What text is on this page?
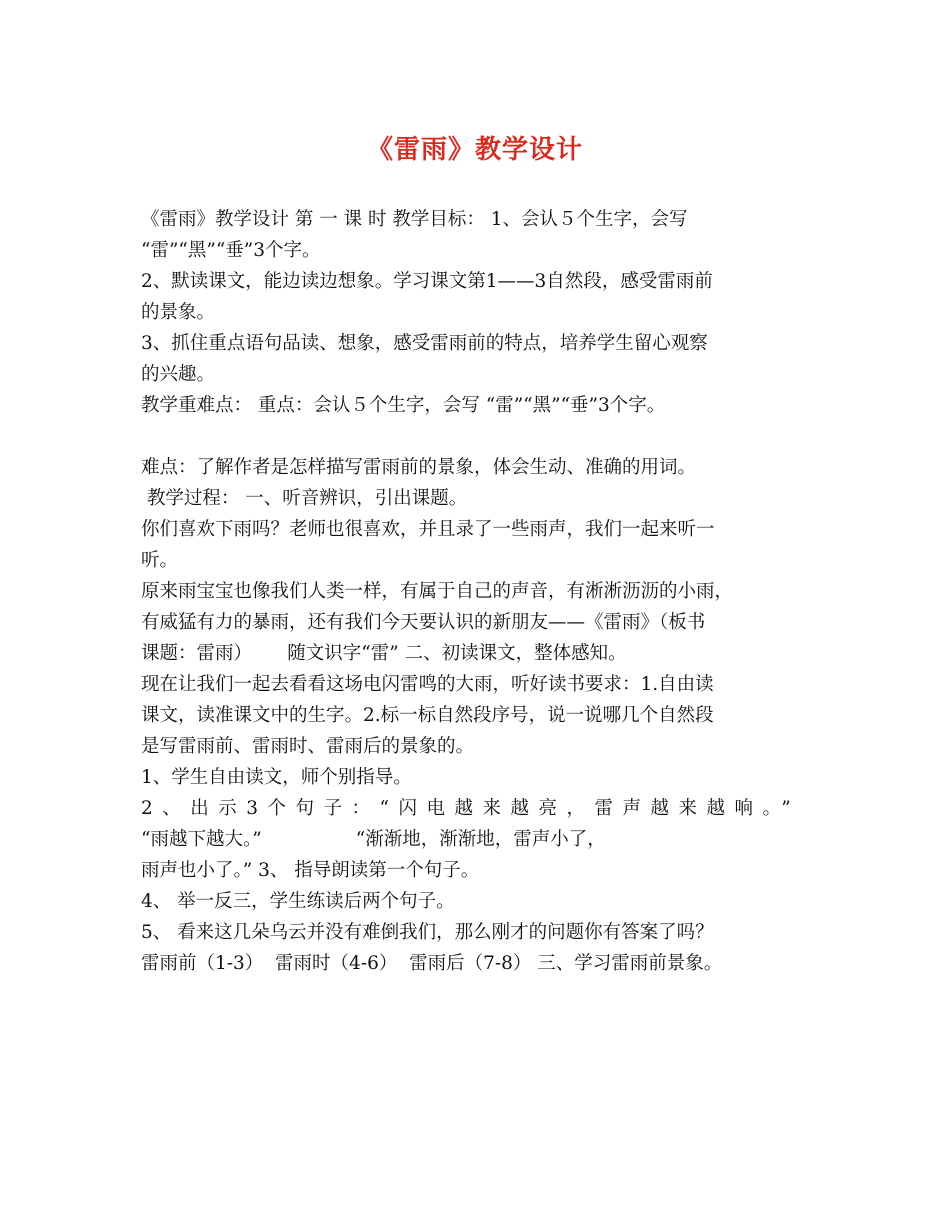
《雷雨》教学设计
《雷雨》教学设计 第 一 课 时 教学目标： 1、会认５个生字，会写
“雷”“黑”“垂”3个字。
2、默读课文，能边读边想象。学习课文第1——3自然段，感受雷雨前
的景象。
3、抓住重点语句品读、想象，感受雷雨前的特点，培养学生留心观察
的兴趣。
教学重难点： 重点：会认５个生字，会写 “雷”“黑”“垂”3个字。
难点：了解作者是怎样描写雷雨前的景象，体会生动、准确的用词。
教学过程： 一、听音辨识，引出课题。
你们喜欢下雨吗？老师也很喜欢，并且录了一些雨声，我们一起来听一
听。
原来雨宝宝也像我们人类一样，有属于自己的声音，有淅淅沥沥的小雨，
有威猛有力的暴雨，还有我们今天要认识的新朋友——《雷雨》（板书
课题：雷雨）      随文识字“雷” 二、初读课文，整体感知。
现在让我们一起去看看这场电闪雷鸣的大雨，听好读书要求：1.自由读
课文，读准课文中的生字。2.标一标自然段序号，说一说哪几个自然段
是写雷雨前、雷雨时、雷雨后的景象的。
1、学生自由读文，师个别指导。
2、出示3个句子：“闪电越来越亮，雷声越来越响。”
“雨越下越大。”                “渐渐地，渐渐地，雷声小了，
雨声也小了。” 3、 指导朗读第一个句子。
4、 举一反三，学生练读后两个句子。
5、 看来这几朵乌云并没有难倒我们，那么刚才的问题你有答案了吗？
雷雨前（1-3）  雷雨时（4-6）  雷雨后（7-8） 三、学习雷雨前景象。
